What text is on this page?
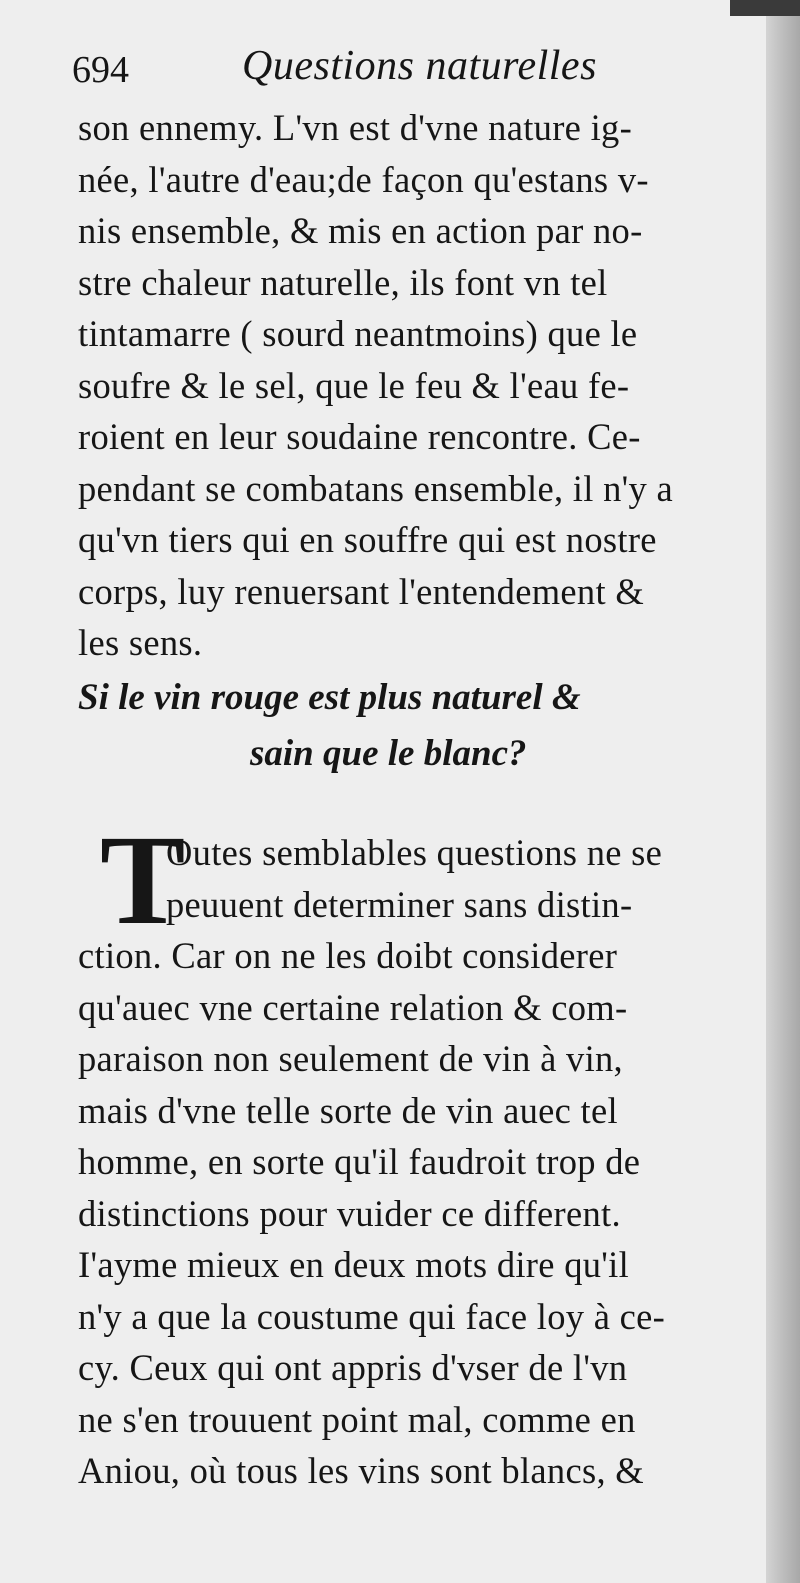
694	Questions naturelles
son ennemy. L'vn est d'vne nature ig-
née, l'autre d'eau;de façon qu'estans v-
nis ensemble, & mis en action par no-
stre chaleur naturelle, ils font vn tel
tintamarre ( sourd neantmoins) que le
soufre & le sel, que le feu & l'eau fe-
roient en leur soudaine rencontre. Ce-
pendant se combatans ensemble, il n'y a
qu'vn tiers qui en souffre qui est nostre
corps, luy renuersant l'entendement &
les sens.
Si le vin rouge est plus naturel &
sain que le blanc?
T
Outes semblables questions ne se
peuuent determiner sans distin-
ction. Car on ne les doibt considerer
qu'auec vne certaine relation & com-
paraison non seulement de vin à vin,
mais d'vne telle sorte de vin auec tel
homme, en sorte qu'il faudroit trop de
distinctions pour vuider ce different.
I'ayme mieux en deux mots dire qu'il
n'y a que la coustume qui face loy à ce-
cy. Ceux qui ont appris d'vser de l'vn
ne s'en trouuent point mal, comme en
Aniou, où tous les vins sont blancs, &
